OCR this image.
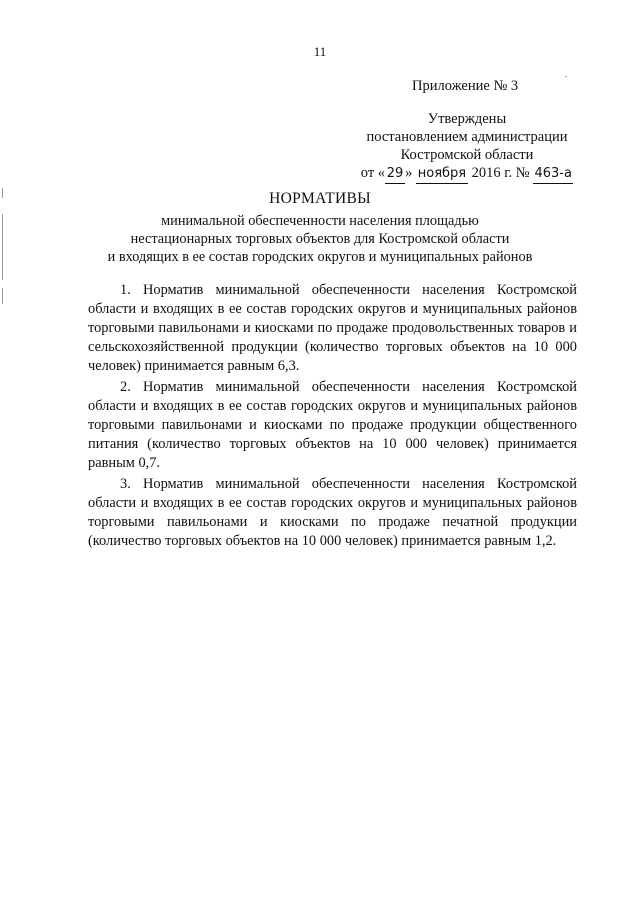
11
Приложение № 3
Утверждены
постановлением администрации
Костромской области
от « 29 » ноября 2016 г. № 463-а
НОРМАТИВЫ
минимальной обеспеченности населения площадью
нестационарных торговых объектов для Костромской области
и входящих в ее состав городских округов и муниципальных районов

1. Норматив минимальной обеспеченности населения Костромской области и входящих в ее состав городских округов и муниципальных районов торговыми павильонами и киосками по продаже продовольственных товаров и сельскохозяйственной продукции (количество торговых объектов на 10 000 человек) принимается равным 6,3.

2. Норматив минимальной обеспеченности населения Костромской области и входящих в ее состав городских округов и муниципальных районов торговыми павильонами и киосками по продаже продукции общественного питания (количество торговых объектов на 10 000 человек) принимается равным 0,7.

3. Норматив минимальной обеспеченности населения Костромской области и входящих в ее состав городских округов и муниципальных районов торговыми павильонами и киосками по продаже печатной продукции (количество торговых объектов на 10 000 человек) принимается равным 1,2.
